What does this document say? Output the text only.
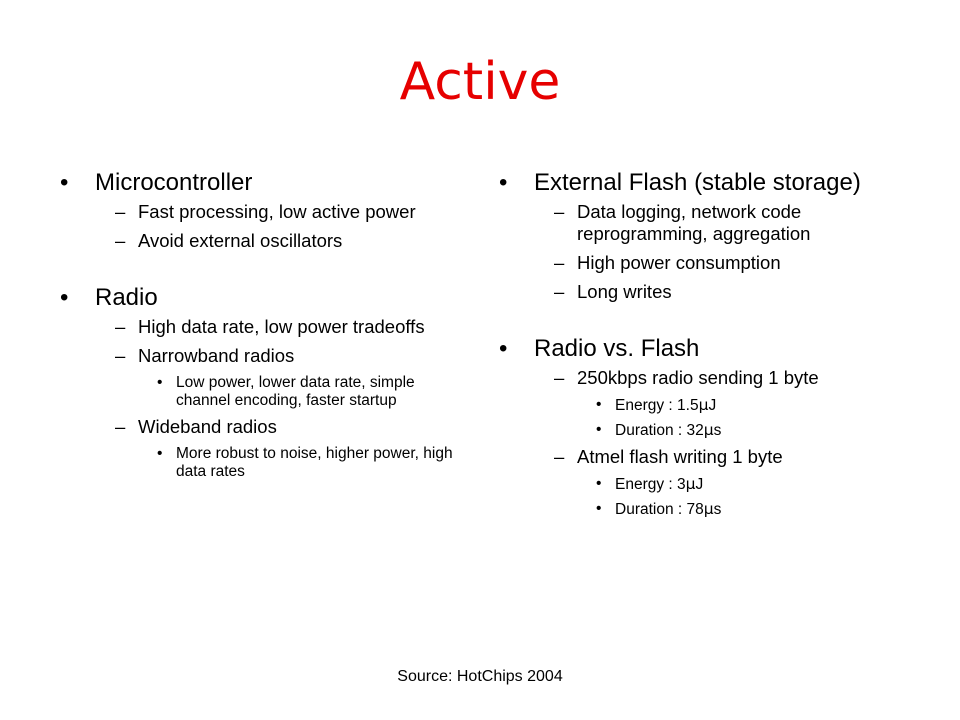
Active
• Microcontroller
– Fast processing, low active power
– Avoid external oscillators
• Radio
– High data rate, low power tradeoffs
– Narrowband radios
• Low power, lower data rate, simple channel encoding, faster startup
– Wideband radios
• More robust to noise, higher power, high data rates
• External Flash (stable storage)
– Data logging, network code reprogramming, aggregation
– High power consumption
– Long writes
• Radio vs. Flash
– 250kbps radio sending 1 byte
• Energy : 1.5μJ
• Duration : 32μs
– Atmel flash writing 1 byte
• Energy : 3μJ
• Duration : 78μs
Source: HotChips 2004
